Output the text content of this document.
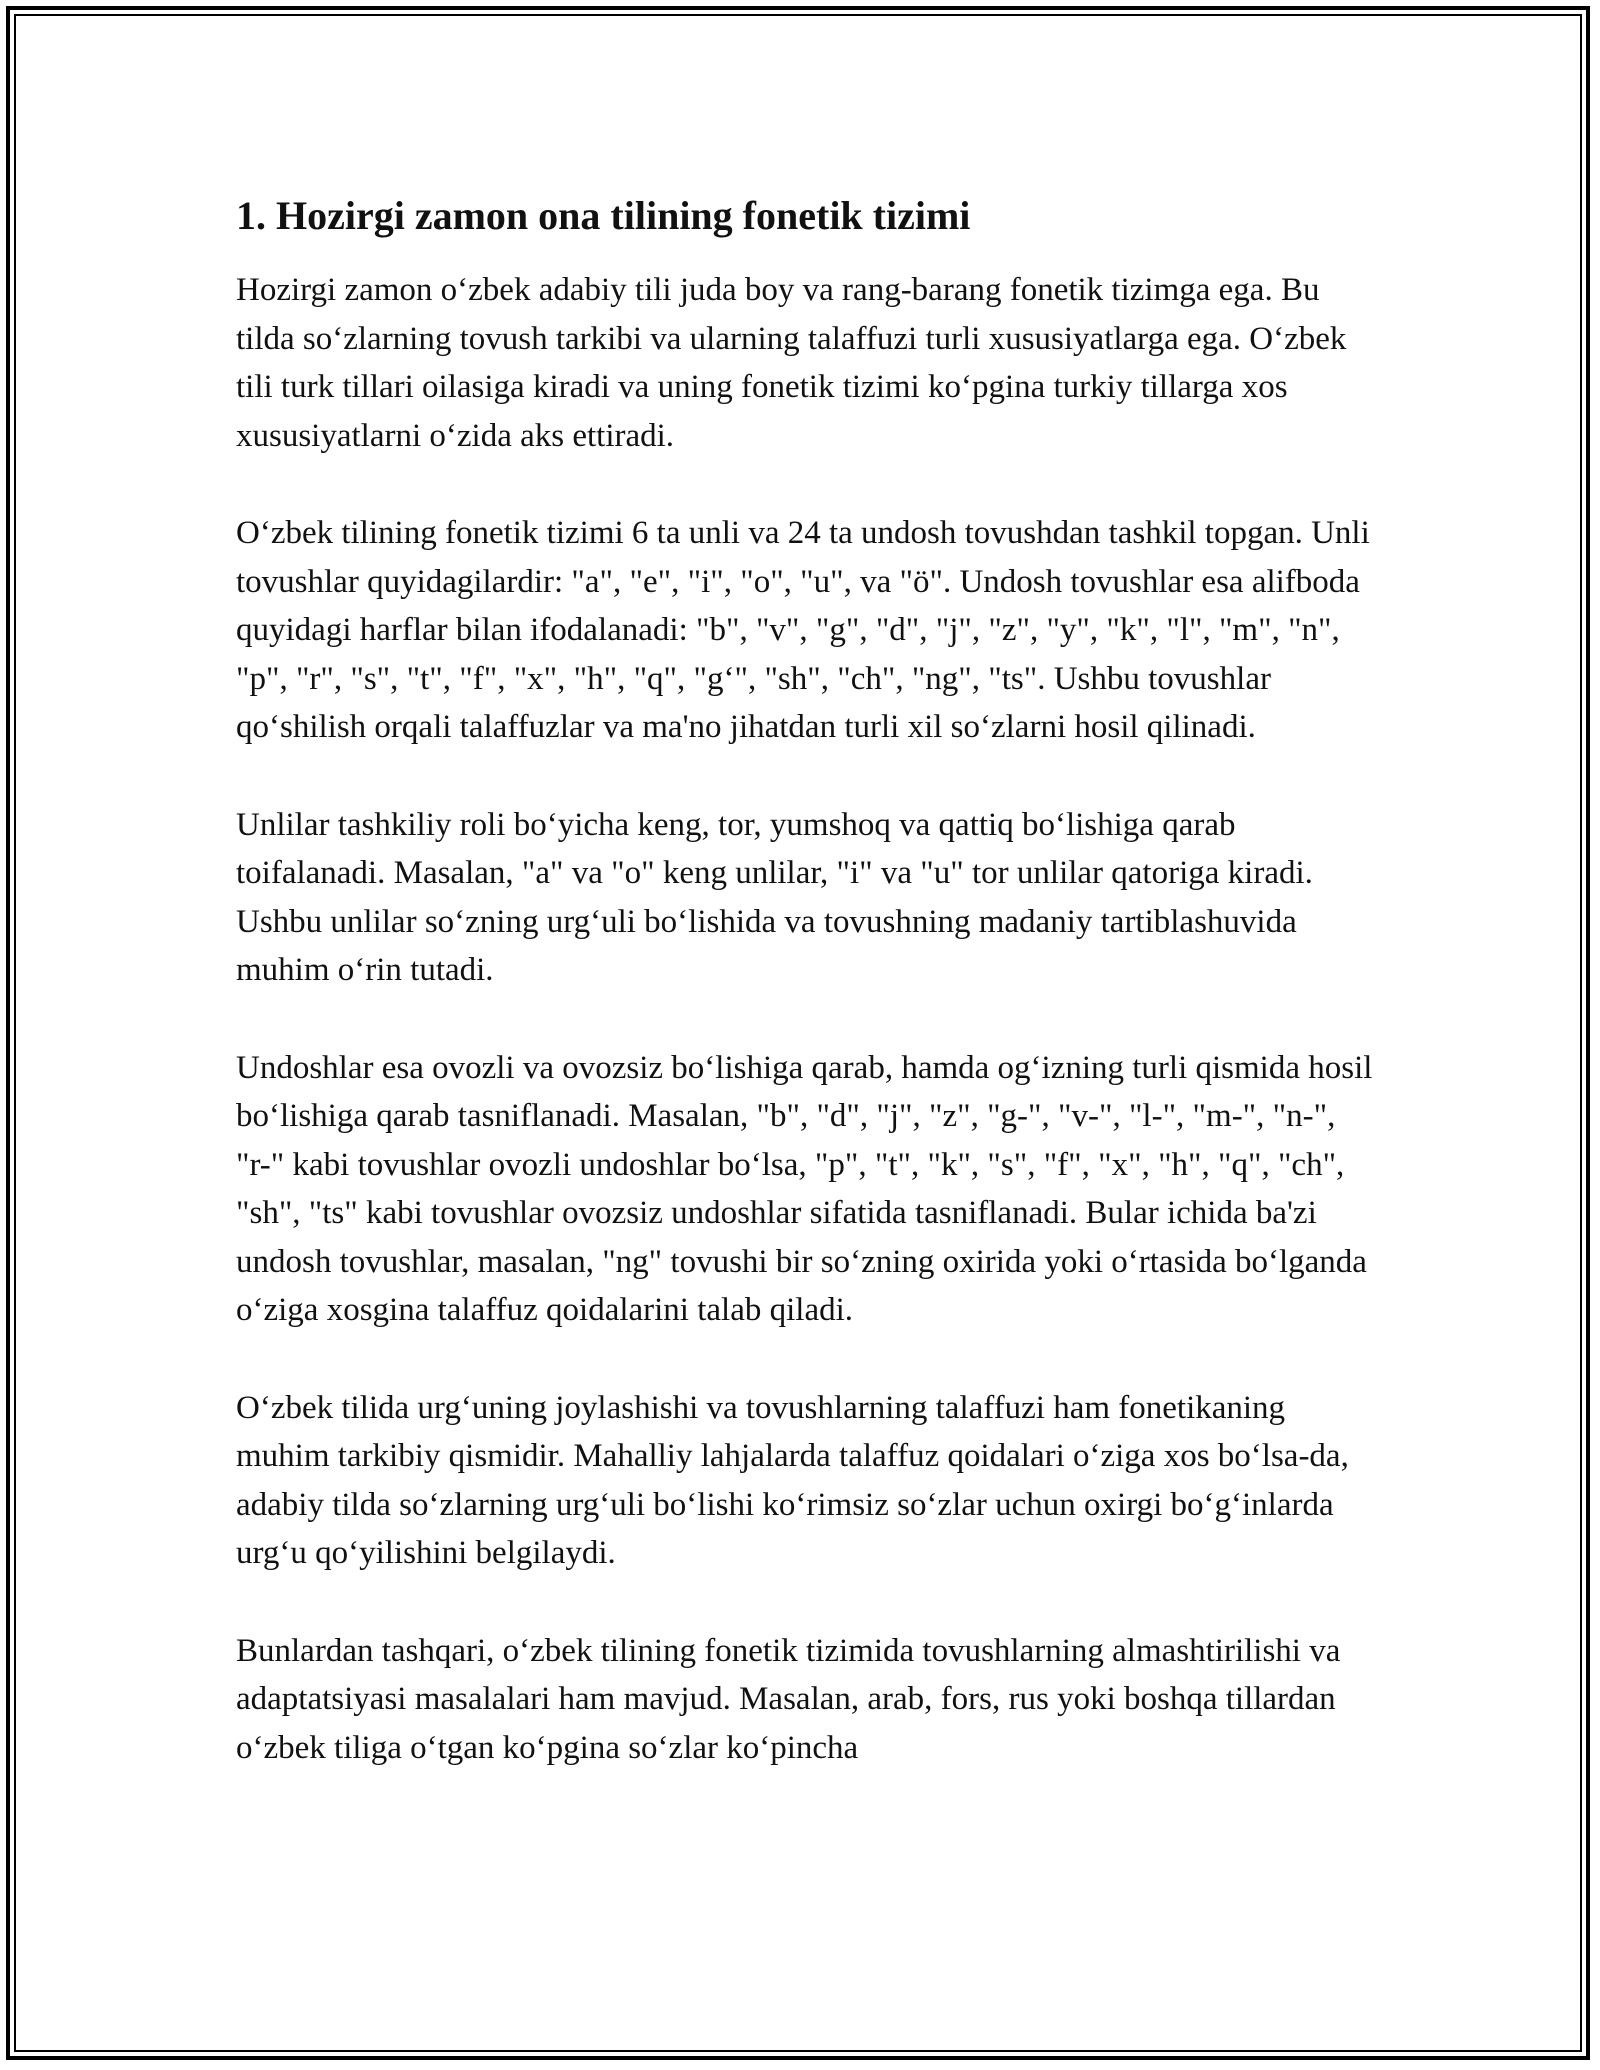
1. Hozirgi zamon ona tilining fonetik tizimi

Hozirgi zamon o‘zbek adabiy tili juda boy va rang-barang fonetik tizimga ega. Bu tilda so‘zlarning tovush tarkibi va ularning talaffuzi turli xususiyatlarga ega. O‘zbek tili turk tillari oilasiga kiradi va uning fonetik tizimi ko‘pgina turkiy tillarga xos xususiyatlarni o‘zida aks ettiradi.

O‘zbek tilining fonetik tizimi 6 ta unli va 24 ta undosh tovushdan tashkil topgan. Unli tovushlar quyidagilardir: "a", "e", "i", "o", "u", va "ö". Undosh tovushlar esa alifboda quyidagi harflar bilan ifodalanadi: "b", "v", "g", "d", "j", "z", "y", "k", "l", "m", "n", "p", "r", "s", "t", "f", "x", "h", "q", "g‘", "sh", "ch", "ng", "ts". Ushbu tovushlar qo‘shilish orqali talaffuzlar va ma'no jihatdan turli xil so‘zlarni hosil qilinadi.

Unlilar tashkiliy roli bo‘yicha keng, tor, yumshoq va qattiq bo‘lishiga qarab toifalanadi. Masalan, "a" va "o" keng unlilar, "i" va "u" tor unlilar qatoriga kiradi. Ushbu unlilar so‘zning urg‘uli bo‘lishida va tovushning madaniy tartiblashuvida muhim o‘rin tutadi.

Undoshlar esa ovozli va ovozsiz bo‘lishiga qarab, hamda og‘izning turli qismida hosil bo‘lishiga qarab tasniflanadi. Masalan, "b", "d", "j", "z", "g-", "v-", "l-", "m-", "n-", "r-" kabi tovushlar ovozli undoshlar bo‘lsa, "p", "t", "k", "s", "f", "x", "h", "q", "ch", "sh", "ts" kabi tovushlar ovozsiz undoshlar sifatida tasniflanadi. Bular ichida ba'zi undosh tovushlar, masalan, "ng" tovushi bir so‘zning oxirida yoki o‘rtasida bo‘lganda o‘ziga xosgina talaffuz qoidalarini talab qiladi.

O‘zbek tilida urg‘uning joylashishi va tovushlarning talaffuzi ham fonetikaning muhim tarkibiy qismidir. Mahalliy lahjalarda talaffuz qoidalari o‘ziga xos bo‘lsa-da, adabiy tilda so‘zlarning urg‘uli bo‘lishi ko‘rimsiz so‘zlar uchun oxirgi bo‘g‘inlarda urg‘u qo‘yilishini belgilaydi.

Bunlardan tashqari, o‘zbek tilining fonetik tizimida tovushlarning almashtirilishi va adaptatsiyasi masalalari ham mavjud. Masalan, arab, fors, rus yoki boshqa tillardan o‘zbek tiliga o‘tgan ko‘pgina so‘zlar ko‘pincha
